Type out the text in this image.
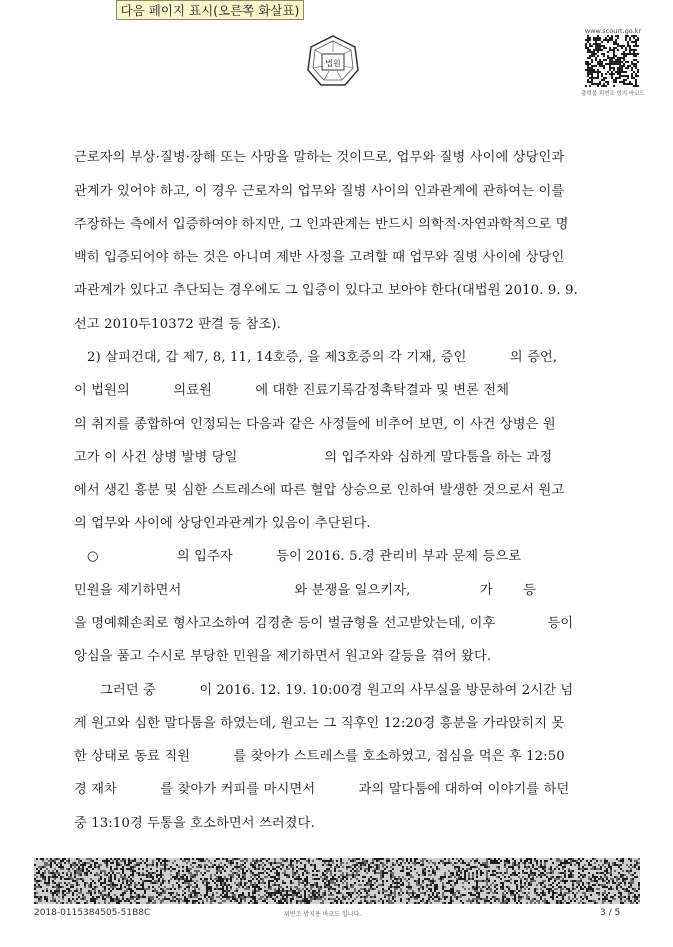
다음 페이지 표시(오른쪽 화살표)
법원
www.scourt.go.kr
출력물 위변조 방지 바코드
근로자의 부상·질병·장해 또는 사망을 말하는 것이므로, 업무와 질병 사이에 상당인과
관계가 있어야 하고, 이 경우 근로자의 업무와 질병 사이의 인과관계에 관하여는 이를
주장하는 측에서 입증하여야 하지만, 그 인과관계는 반드시 의학적·자연과학적으로 명
백히 입증되어야 하는 것은 아니며 제반 사정을 고려할 때 업무와 질병 사이에 상당인
과관계가 있다고 추단되는 경우에도 그 입증이 있다고 보아야 한다(대법원 2010. 9. 9.
선고 2010두10372 판결 등 참조).
2) 살피건대, 갑 제7, 8, 11, 14호증, 을 제3호증의 각 기재, 증인          의 증언,
이 법원의          의료원          에 대한 진료기록감정촉탁결과 및 변론 전체
의 취지를 종합하여 인정되는 다음과 같은 사정들에 비추어 보면, 이 사건 상병은 원
고가 이 사건 상병 발병 당일                    의 입주자와 심하게 말다툼을 하는 과정
에서 생긴 흥분 및 심한 스트레스에 따른 혈압 상승으로 인하여 발생한 것으로서 원고
의 업무와 사이에 상당인과관계가 있음이 추단된다.
○                  의 입주자          등이 2016. 5.경 관리비 부과 문제 등으로
민원을 제기하면서                          와 분쟁을 일으키자,                가       등
을 명예훼손죄로 형사고소하여 김경춘 등이 벌금형을 선고받았는데, 이후            등이
앙심을 품고 수시로 부당한 민원을 제기하면서 원고와 갈등을 겪어 왔다.
그러던 중          이 2016. 12. 19. 10:00경 원고의 사무실을 방문하여 2시간 넘
게 원고와 심한 말다툼을 하였는데, 원고는 그 직후인 12:20경 흥분을 가라앉히지 못
한 상태로 동료 직원          를 찾아가 스트레스를 호소하였고, 점심을 먹은 후 12:50
경 재차          를 찾아가 커피를 마시면서          과의 말다툼에 대하여 이야기를 하던
중 13:10경 두통을 호소하면서 쓰러졌다.
2018-0115384505-51B8C	위변조 방지용 바코드 입니다.	3 / 5
